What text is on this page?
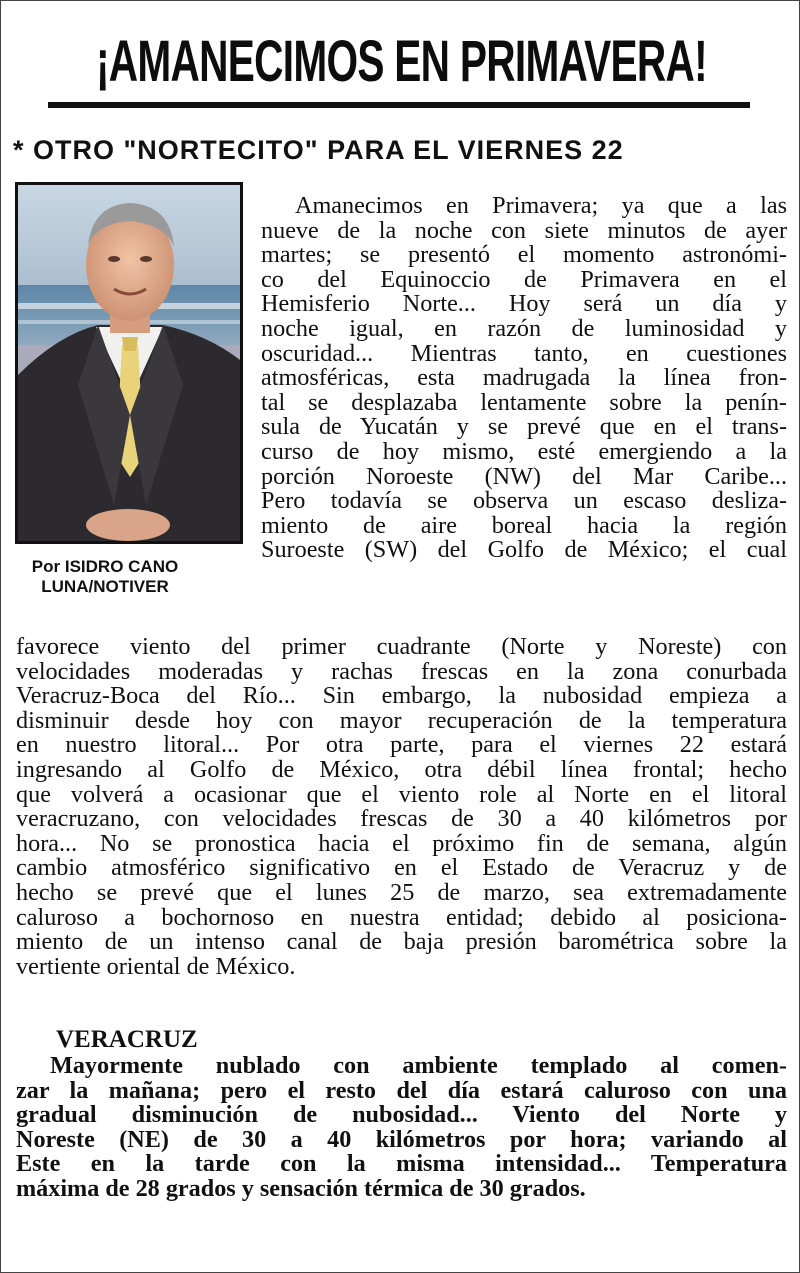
¡AMANECIMOS EN PRIMAVERA!
* OTRO "NORTECITO" PARA EL VIERNES 22
Por ISIDRO CANO
LUNA/NOTIVER
Amanecimos en Primavera; ya que a las
nueve de la noche con siete minutos de ayer
martes; se presentó el momento astronómi-
co del Equinoccio de Primavera en el
Hemisferio Norte... Hoy será un día y
noche igual, en razón de luminosidad y
oscuridad... Mientras tanto, en cuestiones
atmosféricas, esta madrugada la línea fron-
tal se desplazaba lentamente sobre la penín-
sula de Yucatán y se prevé que en el trans-
curso de hoy mismo, esté emergiendo a la
porción Noroeste (NW) del Mar Caribe...
Pero todavía se observa un escaso desliza-
miento de aire boreal hacia la región
Suroeste (SW) del Golfo de México; el cual
favorece viento del primer cuadrante (Norte y Noreste) con
velocidades moderadas y rachas frescas en la zona conurbada
Veracruz-Boca del Río... Sin embargo, la nubosidad empieza a
disminuir desde hoy con mayor recuperación de la temperatura
en nuestro litoral... Por otra parte, para el viernes 22 estará
ingresando al Golfo de México, otra débil línea frontal; hecho
que volverá a ocasionar que el viento role al Norte en el litoral
veracruzano, con velocidades frescas de 30 a 40 kilómetros por
hora... No se pronostica hacia el próximo fin de semana, algún
cambio atmosférico significativo en el Estado de Veracruz y de
hecho se prevé que el lunes 25 de marzo, sea extremadamente
caluroso a bochornoso en nuestra entidad; debido al posiciona-
miento de un intenso canal de baja presión barométrica sobre la
vertiente oriental de México.
VERACRUZ
Mayormente nublado con ambiente templado al comen-
zar la mañana; pero el resto del día estará caluroso con una
gradual disminución de nubosidad... Viento del Norte y
Noreste (NE) de 30 a 40 kilómetros por hora; variando al
Este en la tarde con la misma intensidad... Temperatura
máxima de 28 grados y sensación térmica de 30 grados.
